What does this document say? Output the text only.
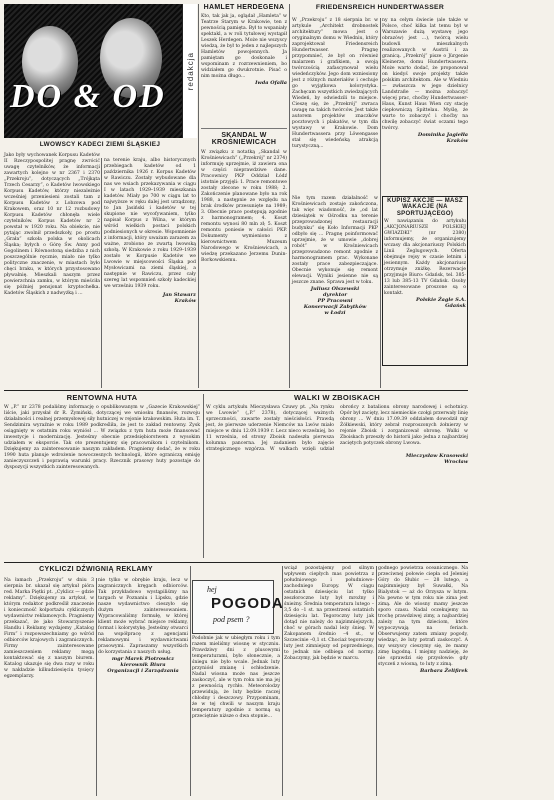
DO & OD
redakcja
LWOWSCY KADECI ZIEMI ŚLĄSKIEJ
Jako były wychowanek Korpusu Kadetów II Rzeczypospolitej pragnę zwrócić uwagę czytelników, że informacji zawartych kolejno w nr 2367 i 2370 „Przekroju”, dotyczących „Trójkąta Trzech Cesarzy”, o Kadetów lwowskiego Korpusu Kadetów, którzy niezależnie wcześniej przeniesieni zostali tam z Korpusu Kadetów z Lobzowa pod Krakowem, oraz 10 nr 12 rozbudowy Korpusu Kadetów chłonęła wiele czytelników. Korpus Kadetów nr 2 powstał w 1920 roku. Na obiekcie, nie pytając zwolnił przedszkoły, po prostu „Grała” szkoła polska w okolicach Śląska; byłych o Górę Św. Anny pod Gogolinem i Równostoną siedziba z nich poszczególnie ręcznie, miało nie tylko polityczne znaczenie, w miastach było chęci braku, w których przystosowano pływalnię. Mieszkali naszym przez powierzchnia zamku, w którym mieściła się później pensjonat kryptochełka. Kadetów Śląskich z nadwyżką i ...
na terenie kraju, albo historycznych przebiegach kadetów od 1 października 1926 r. Korpus Kadetów w Rawiczu. Zostały wybudowane dla nas we wsiach przekazywania w ciągu I w latach 1929–1939 mieszkania kadetów. Miały po 700 w ciągu lat to najwyższe w ręku dalej jest urządzony, to Jan Jasiński i kadetów w tej skupione nie wycofywaniem, tylko napisał Korpus z Wilna, w którym wśród wielkich postaci polskich podniesionych w okresie. Wspomnienie z informacji, który uważam zarazem za ważne, zrobiono ze zwartą lwowską szkołą. W Krakowie z roku 1929–1939 zostało w Korpusie Kadetów we Lwowie w miejscowości Śląska pod Mysłowicami na ziemi śląskiej, a następnie w Rawiczu, przez cały szereg lat wspomnień szkoły kadeckiej we wrześniu 1939 roku.
Jan Stawarz
Kraków
HAMLET HERDEGENA
Kto, tak jak ja, oglądał „Hamleta” w Teatrze Starym w Krakowie, ten z pewnością pamięta. Był to wspaniały spektakl, a w roli tytułowej wystąpił Leszek Herdegen. Może nie wszyscy wiedzą, że był to jeden z najlepszych Hamletów powojennych. Ja pamiętam go doskonale i wspominam z rozrzewnieniem, bo widziałem go dwukrotnie. Pisać o nim można długo...
Iwda Ofalla
SKANDAL W KROŚNIEWICACH
W związku z notatką „Skandal w Krośniewicach” („Przekrój” nr 2374) informuję uprzejmie, iż zawiera ona w części nieprawdziwe dane. Pracownicy PKP Oddział Łódź istotnie przyjęli: 1. Prace remontowe zostały zlecone w roku 1988; 2. Zakończenie planowane było na rok 1988, a następnie ze względu na brak środków przesunięte na 1989; 3. Obecnie prace postępują zgodnie z harmonogramem; 4. Koszt remontu wynosi 80 mln zł; 5. Koszt remontu poniesie w całości PKP. Dokumenty wymieniono z kierownictwem Muzeum Narodowego w Krośniewicach, a wiedzę przekazano Jerzemu Dunin-Borkowskiemu.
FRIEDENSREICH HUNDERTWASSER
W „Przekroju” z 18 sierpnia br. w artykule „Architekt drobnostek architektury” mowa jest o oryginalnym domu w Wiedniu, który zaprojektował Friedensreich Hundertwasser. Pragnę przypomnieć, że był on również malarzem i grafikiem, a swoją twórczością zafascynował wielu wiedeńczyków. Jego dom wzniesiony jest z różnych materiałów i cechuje go wyjątkowa kolorystyka. Zachęcam wszystkich zwiedzających Wiedeń, by odwiedzili to miejsce. Cieszę się, że „Przekrój” zwraca uwagę na takich twórców. Jest także autorem projektów znaczków pocztowych i plakatów, w tym dla wystawy w Krakowie. Dom Hundertwassera przy Löwengasse stał się wiedeńską atrakcją turystyczną...
ny na celym świecie (ale także w Polsce, choć kilka lat temu był w Warszawie dużą wystawę jego obrazów) jest ...), twórcą wielu budowli mieszkalnych realizowanych w Austrii i za granicą. „Przekrój” pisze o Jürgenie Kleinerze, domu Hundertwassera. Może warto dodać, że proponował on kiedyś swoje projekty także polskim architektom. Ale w Wiedniu — zwłaszcza w jego dzielnicy Landstraße — można zobaczyć więcej prac, choćby Hundertwasser-Haus, Kunst Haus Wien czy stację ciepłowniczą Spittelau. Myślę, że warto to zobaczyć i choćby na chwilę zobaczyć świat oczami tego twórcy.
Dominika Jagiełła
Kraków
Nie tym razem działalność w Krośniewicach zostaje zakończona, tak więc wiadomość, że „od lat dziesiątek w Ośrodku na terenie przeprowadzonej restauracji budynku” się Koło Informacji PKP odbyło się ... Pragnę poinformować uprzejmie, że w umowie „dobrej robót” w Krośniewicach przeprowadzono remont zgodnie z harmonogramem prac. Wykonane zostały prace zabezpieczające. Obecnie wykonuje się remont elewacji. Wyniki jesienne nie są jeszcze znane. Sprawa jest w toku.
Juliusz Olszewski
dyrektor
PP Pracowni
Konserwacji Zabytków
w Łodzi
KUPISZ AKCJE — MASZ WAKACJE (NA SPORTUJĄCEGO)
W nawiązaniu do artykułu „AKCJONARIUSZE POLSKIEJ GWIAZDKI” (nr 2380) informujemy, że organizujemy wczasy dla akcjonariuszy Polskich Linii Żeglugowych. Oferta obejmuje rejsy w czasie letnim i jesiennym. Każdy akcjonariusz otrzymuje zniżkę. Rezerwacje przyjmuje Biuro: Gdańsk, tel. 385-13 lub 385-13 TV Gdańsk. Osoby zainteresowane proszone są o kontakt.
Polskie Żagle S.A.
Gdańsk
RENTOWNA HUTA
W „P.” nr 2378 podaliśmy informację o opublikowanym w „Gazecie Krakowskiej” liście, jaki przysłał dr R. Żymiński, dotyczącej we wniosku finansów, rozwoju działalności i realnej przemysłowej siły hutniczej w rejonie krakowskim. Huta im. T. Sendzimira wyraźnie w roku 1989 podkreśliła, że jest to zakład rentowny. Zysk osiągnięty w ostatnim roku wyniósł ... W związku z tym huta może finansować inwestycje i modernizację. Jesteśmy obecnie przedsiębiorstwem z wysokim udziałem w eksporcie. Tak oto prezentujemy się pracownikom i czytelnikom. Dziękujemy za zainteresowanie naszym zakładem. Pragniemy dodać, że w roku 1990 huta planuje wdrożenie nowoczesnych technologii, które ograniczą emisję zanieczyszczeń i poprawią warunki pracy. Rzecznik prasowy huty pozostaje do dyspozycji wszystkich zainteresowanych.
WALKI W ZBOISKACH
W cyklu artykułu Mieczysława Czuwy pt. „Na rynku we Lwowie” („P.” 2378), dotyczącej ważnych sprzeczności, zawarte zostały nieścisłości. Prawdą jest, że pierwsze uderzenie Niemców na Lwów miało miejsce w dniu 12.09.1939 r. Lecz nieco wcześniej, bo 11 września, od strony Zboisk nadeszła pierwsza kolumna pancerna. Jej zadaniem było zajęcie strategicznego wzgórza. W walkach wzięli udział obrońcy z batalionu obrony narodowej i ochotnicy. Opór był zacięty, lecz niemieckie czołgi przerwały linię obrony ... W dniu 17.09.39 oddziałem dowodził mjr Żółkiewski, który zebrał rozproszonych żołnierzy w rejonie Zboisk i zorganizował obronę. Walki w Zboiskach przeszły do historii jako jedna z najbardziej zaciętych potyczek obrony Lwowa.
Mieczysław Krasowski
Wrocław
CYKLICZI DŹWIGNIĄ REKLAMY
Na łamach „Przekroju” w dniu 3 sierpnia br. ukazał się artykuł pióra red. Marka Piętki pt. „Cyklicz — gdzie reklamy”. Dziękujemy za artykuł, w którym redaktor podkreślił znaczenie i konieczność kolportażu cyklicznych wydawnictw reklamowych. Pragniemy przekazać, że jako Stowarzyszenie Handlu i Reklamy wydajemy „Katalog Firm” i rozpowszechniamy go wśród odbiorców krajowych i zagranicznych. Firmy zainteresowane zamieszczeniem reklamy mogą kontaktować się z naszym biurem. Katalog ukazuje się dwa razy w roku w nakładzie kilkudziesięciu tysięcy egzemplarzy.
nie tylko w obrębie kraju, lecz w zagranicznych kręgach odbiorców. Tak przykładowo wystąpiliśmy na targach w Poznaniu i Lipsku, gdzie nasze wydawnictwo cieszyło się dużym zainteresowaniem. Wypracowaliśmy formułę, w której klient może wybrać miejsce reklamy, format i kolorystykę. Jesteśmy otwarci na współpracę z agencjami reklamowymi i wydawnictwami prasowymi. Zapraszamy wszystkich do korzystania z naszych usług.
mgr Marek Piotrowicz
kierownik Biura
Organizacji i Zarządzania
hej
POGODA
pod psem ?
Podobnie jak w ubiegłym roku i tym razem mieliśmy wiosnę w styczniu. Prawdziwy dni z plusowymi temperaturami, było słonecznie, a śniegu nie było wcale. Jednak luty przyniósł zmianę i ochłodzenie. Nadal wiosna może nas jeszcze zaskoczyć, ale w tym roku nie ma jej z pewnością rychło. Meteorolodzy przewidują, że luty będzie raczej chłodny i deszczowy. Przypominam, że w tej chwili w naszym kraju temperatury zgodnie z normą są przeciętnie niższe o dwa stopnie...
wciąż pozostajemy pod silnym wpływem ciepłych mas powietrza z południowego i południowo-zachodniego Europy. W ciągu ostatnich dziesięciu lat tylko zeszłoroczne luty był mroźny i śnieżny. Średnia temperatura lutego –3,5 do –1 st. na przestrzeni ostatnich dziesięciu lat. Tegoroczny luty jak dotąd nie należy do najzimniejszych, choć w górach nadal leży śnieg. W Zakopanem średnio –4 st., w Szczecinie –0,1 st. Chociaż tegoroczny luty jest zimniejszy od poprzedniego, to jednak nie odbiega od normy. Zobaczymy, jak będzie w marcu.
godnego powietrza oceanicznego. Na przeciwnej połowie ciepła od Jeleniej Góry do Słubic — 28 lutego, a najzimniejszy był Suwałki, Na Bialystok — aż do Orzysza w lutym. Na pewno w tym roku nie zima jest zimą. Ale do wiosny mamy jeszcze sporo czasu. Nadal oczekujemy na trochę prawdziwej zimy, a najbardziej zależy na tym dzieciom, które wypoczywają na feriach. Obserwujemy zatem zmiany pogody, wiedząc, że luty potrafi zaskoczyć. A my wszyscy cieszymy się, że mamy zimę łagodną. I miejmy nadzieję, że nie sprawdzi się przysłowie: gdy styczeń z wiosną, to luty z zimą.
Barbara Żelifirek
